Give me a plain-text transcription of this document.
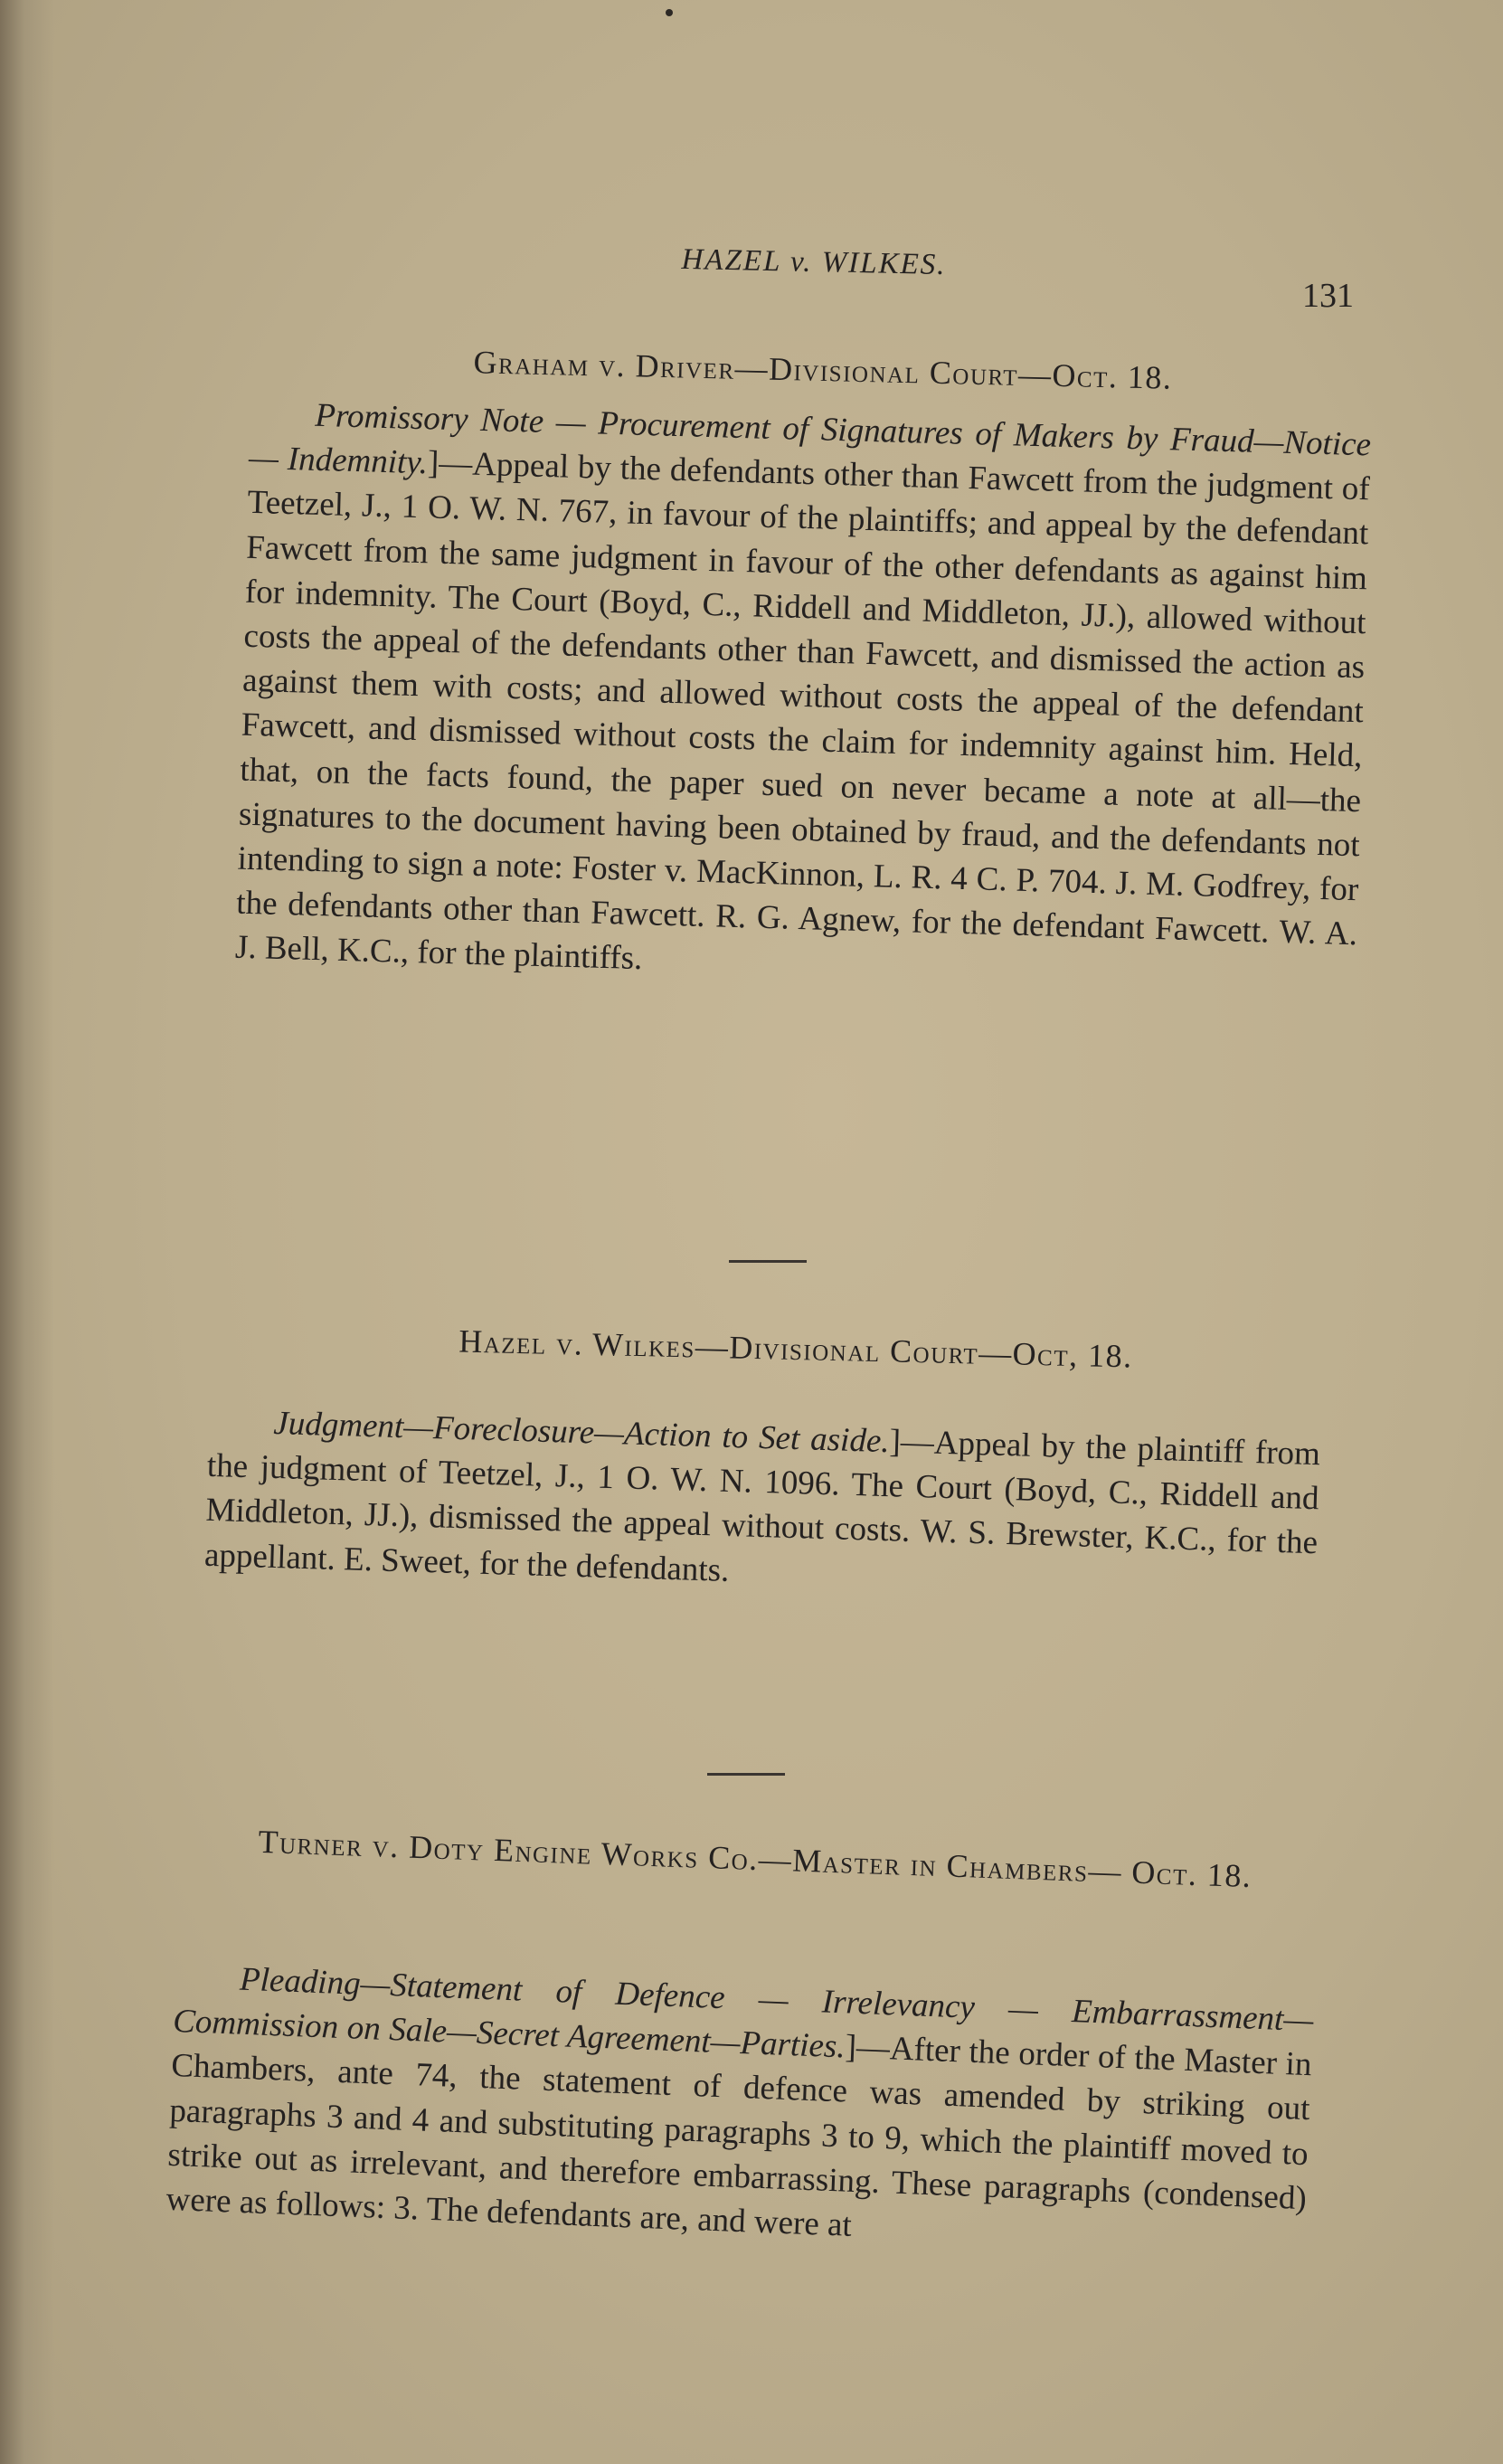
HAZEL v. WILKES.
131
Graham v. Driver—Divisional Court—Oct. 18.
Promissory Note — Procurement of Signatures of Makers by Fraud—Notice — Indemnity.]—Appeal by the defendants other than Fawcett from the judgment of Teetzel, J., 1 O. W. N. 767, in favour of the plaintiffs; and appeal by the defendant Fawcett from the same judgment in favour of the other defendants as against him for indemnity. The Court (Boyd, C., Riddell and Middleton, JJ.), allowed without costs the appeal of the defendants other than Fawcett, and dismissed the action as against them with costs; and allowed without costs the appeal of the defendant Fawcett, and dismissed without costs the claim for indemnity against him. Held, that, on the facts found, the paper sued on never became a note at all—the signatures to the document having been obtained by fraud, and the defendants not intending to sign a note: Foster v. MacKinnon, L. R. 4 C. P. 704. J. M. Godfrey, for the defendants other than Fawcett. R. G. Agnew, for the defendant Fawcett. W. A. J. Bell, K.C., for the plaintiffs.
Hazel v. Wilkes—Divisional Court—Oct, 18.
Judgment—Foreclosure—Action to Set aside.]—Appeal by the plaintiff from the judgment of Teetzel, J., 1 O. W. N. 1096. The Court (Boyd, C., Riddell and Middleton, JJ.), dismissed the appeal without costs. W. S. Brewster, K.C., for the appellant. E. Sweet, for the defendants.
Turner v. Doty Engine Works Co.—Master in Chambers— Oct. 18.
Pleading—Statement of Defence — Irrelevancy — Embarrassment—Commission on Sale—Secret Agreement—Parties.]—After the order of the Master in Chambers, ante 74, the statement of defence was amended by striking out paragraphs 3 and 4 and substituting paragraphs 3 to 9, which the plaintiff moved to strike out as irrelevant, and therefore embarrassing. These paragraphs (condensed) were as follows: 3. The defendants are, and were at
